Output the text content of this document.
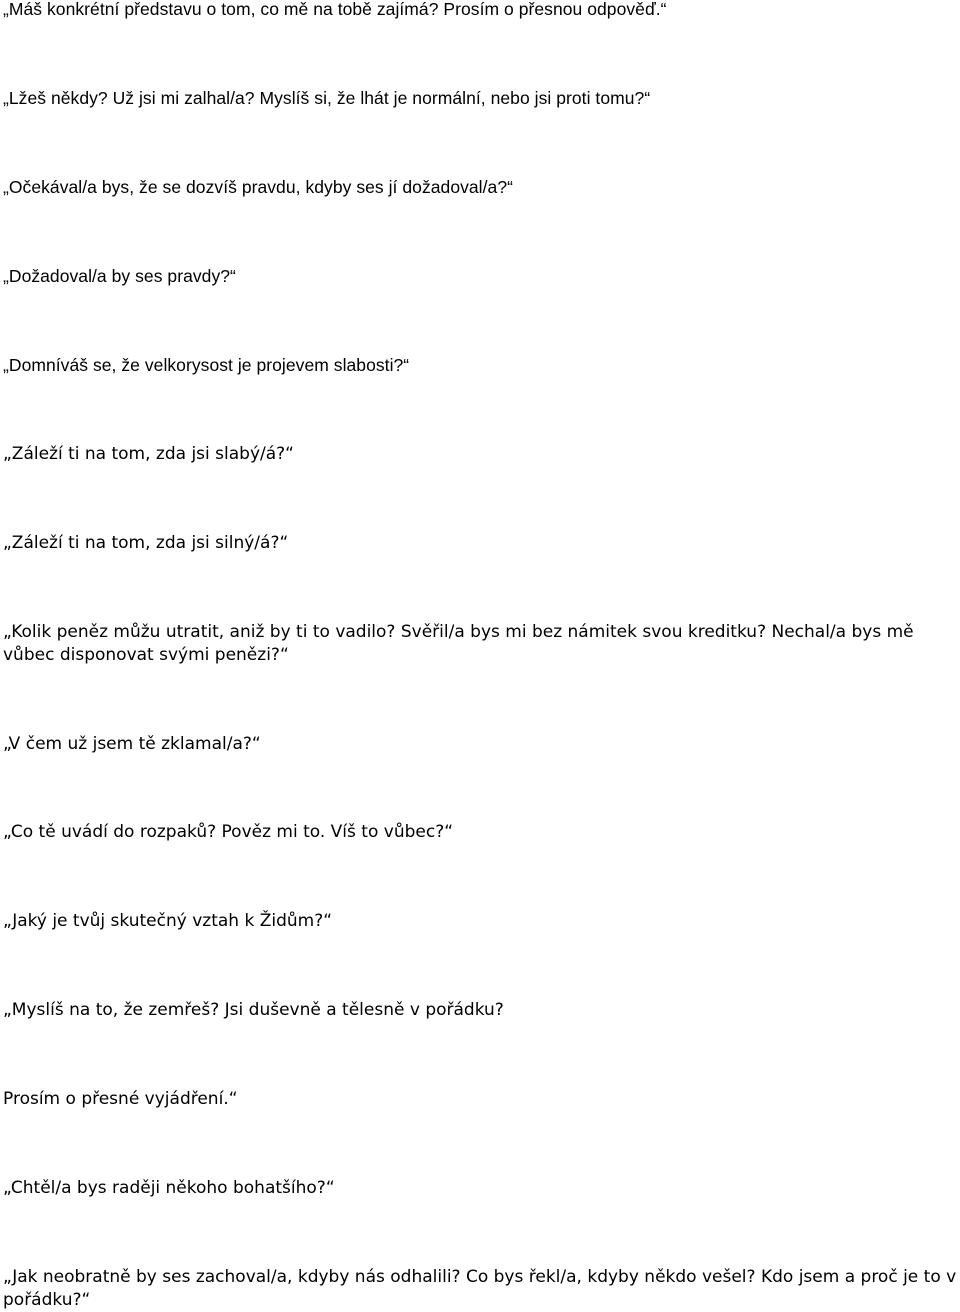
„Máš konkrétní představu o tom, co mě na tobě zajímá? Prosím o přesnou odpověď.“

„Lžeš někdy? Už jsi mi zalhal/a? Myslíš si, že lhát je normální, nebo jsi proti tomu?“

„Očekával/a bys, že se dozvíš pravdu, kdyby ses jí dožadoval/a?“

„Dožadoval/a by ses pravdy?“

„Domníváš se, že velkorysost je projevem slabosti?“

„Záleží ti na tom, zda jsi slabý/á?“

„Záleží ti na tom, zda jsi silný/á?“

„Kolik peněz můžu utratit, aniž by ti to vadilo? Svěřil/a bys mi bez námitek svou kreditku? Nechal/a bys mě vůbec disponovat svými penězi?“

„V čem už jsem tě zklamal/a?“

„Co tě uvádí do rozpaků? Pověz mi to. Víš to vůbec?“

„Jaký je tvůj skutečný vztah k Židům?“

„Myslíš na to, že zemřeš? Jsi duševně a tělesně v pořádku?

Prosím o přesné vyjádření.“

„Chtěl/a bys raději někoho bohatšího?“

„Jak neobratně by ses zachoval/a, kdyby nás odhalili? Co bys řekl/a, kdyby někdo vešel? Kdo jsem a proč je to v pořádku?“
